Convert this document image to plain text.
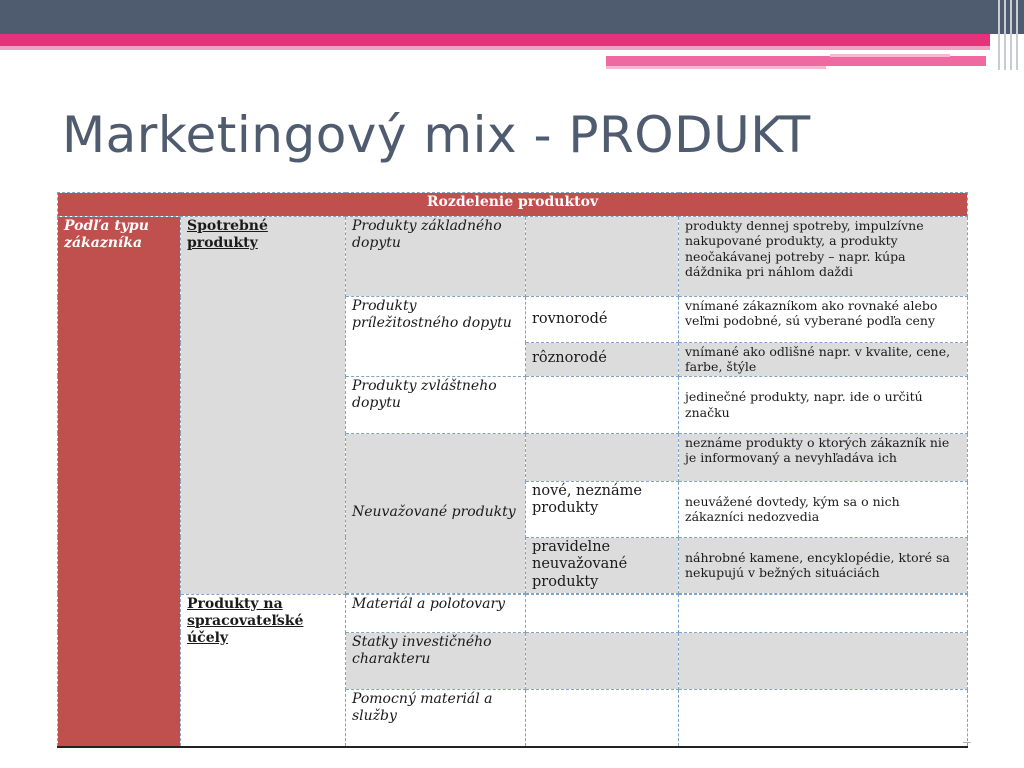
Marketingový mix - PRODUKT
Rozdelenie produktov				
Podľa typu zákazníka	Spotrebné produkty	Produkty základného dopytu		produkty dennej spotreby, impulzívne nakupované produkty, a produkty neočakávanej potreby – napr. kúpa dáždnika pri náhlom daždi
		Produkty príležitostného dopytu	rovnorodé	vnímané zákazníkom ako rovnaké alebo veľmi podobné, sú vyberané podľa ceny
			rôznorodé	vnímané ako odlišné napr. v kvalite, cene, farbe, štýle
		Produkty zvláštneho dopytu		jedinečné produkty, napr. ide o určitú značku
		Neuvažované produkty		neznáme produkty o ktorých zákazník nie je informovaný a nevyhľadáva ich
			nové, neznáme produkty	neuvážené dovtedy, kým sa o nich zákazníci nedozvedia
			pravidelne neuvažované produkty	náhrobné kamene, encyklopédie, ktoré sa nekupujú v bežných situáciách

	Produkty na spracovateľské účely	Materiál a polotovary		
		Statky investičného charakteru		
		Pomocný materiál a služby		
